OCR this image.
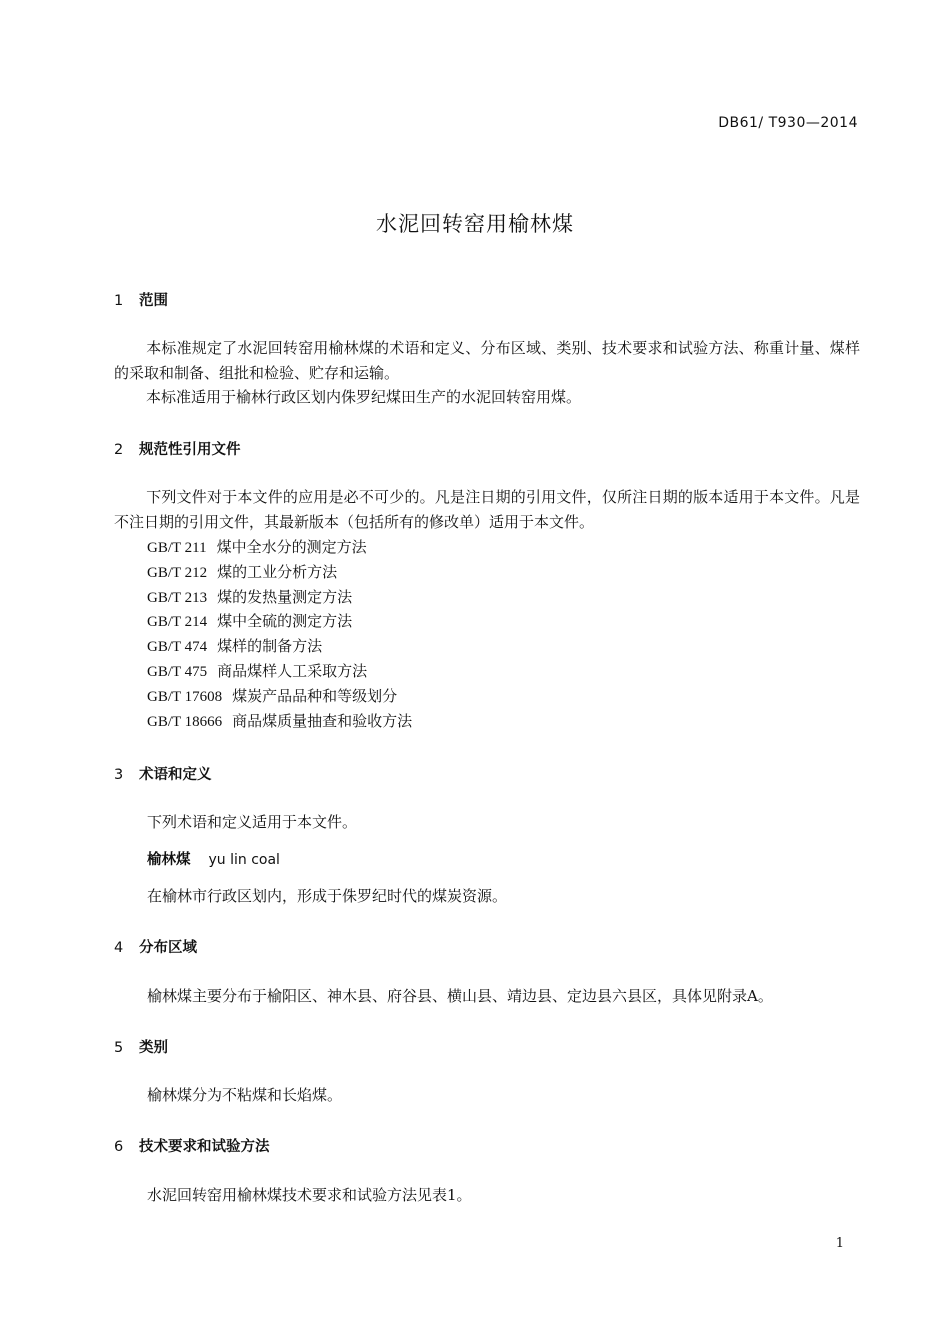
DB61/ T930—2014
水泥回转窑用榆林煤
1 范围
本标准规定了水泥回转窑用榆林煤的术语和定义、分布区域、类别、技术要求和试验方法、称重计量、煤样的采取和制备、组批和检验、贮存和运输。
本标准适用于榆林行政区划内侏罗纪煤田生产的水泥回转窑用煤。
2 规范性引用文件
下列文件对于本文件的应用是必不可少的。凡是注日期的引用文件，仅所注日期的版本适用于本文件。凡是不注日期的引用文件，其最新版本（包括所有的修改单）适用于本文件。
GB/T 211 煤中全水分的测定方法
GB/T 212 煤的工业分析方法
GB/T 213 煤的发热量测定方法
GB/T 214 煤中全硫的测定方法
GB/T 474 煤样的制备方法
GB/T 475 商品煤样人工采取方法
GB/T 17608 煤炭产品品种和等级划分
GB/T 18666 商品煤质量抽查和验收方法
3 术语和定义
下列术语和定义适用于本文件。
榆林煤 yu lin coal
在榆林市行政区划内，形成于侏罗纪时代的煤炭资源。
4 分布区域
榆林煤主要分布于榆阳区、神木县、府谷县、横山县、靖边县、定边县六县区，具体见附录A。
5 类别
榆林煤分为不粘煤和长焰煤。
6 技术要求和试验方法
水泥回转窑用榆林煤技术要求和试验方法见表1。
1
